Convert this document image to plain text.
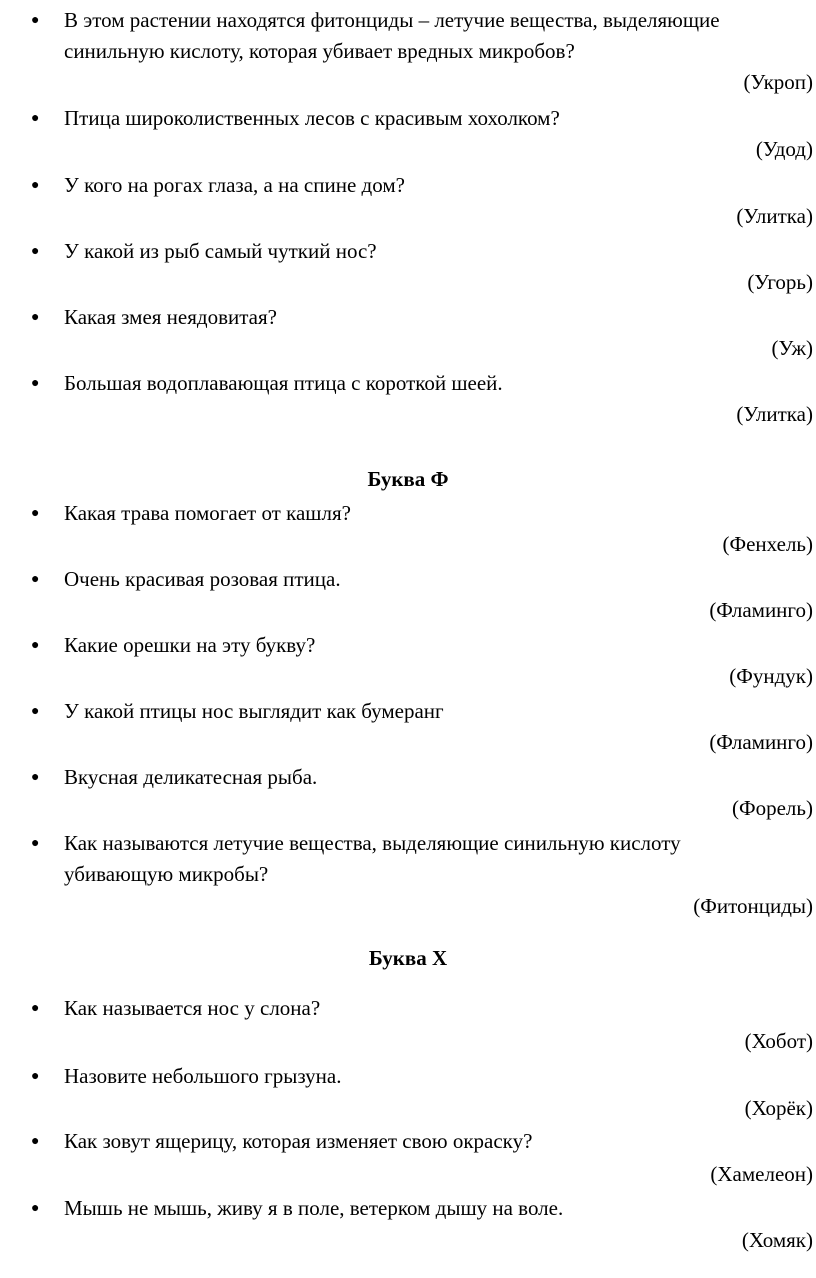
● В этом растении находятся фитонциды – летучие вещества, выделяющие синильную кислоту, которая убивает вредных микробов?
(Укроп)
● Птица широколиственных лесов с красивым хохолком?
(Удод)
● У кого на рогах глаза, а на спине дом?
(Улитка)
● У какой из рыб самый чуткий нос?
(Угорь)
● Какая змея неядовитая?
(Уж)
● Большая водоплавающая птица с короткой шеей.
(Улитка)
Буква Ф
● Какая трава помогает от кашля?
(Фенхель)
● Очень красивая розовая птица.
(Фламинго)
● Какие орешки на эту букву?
(Фундук)
● У какой птицы нос выглядит как бумеранг
(Фламинго)
● Вкусная деликатесная рыба.
(Форель)
● Как называются летучие вещества, выделяющие синильную кислоту убивающую микробы?
(Фитонциды)
Буква Х
● Как называется нос у слона?
(Хобот)
● Назовите небольшого грызуна.
(Хорёк)
● Как зовут ящерицу, которая изменяет свою окраску?
(Хамелеон)
● Мышь не мышь, живу я в поле, ветерком дышу на воле.
(Хомяк)
